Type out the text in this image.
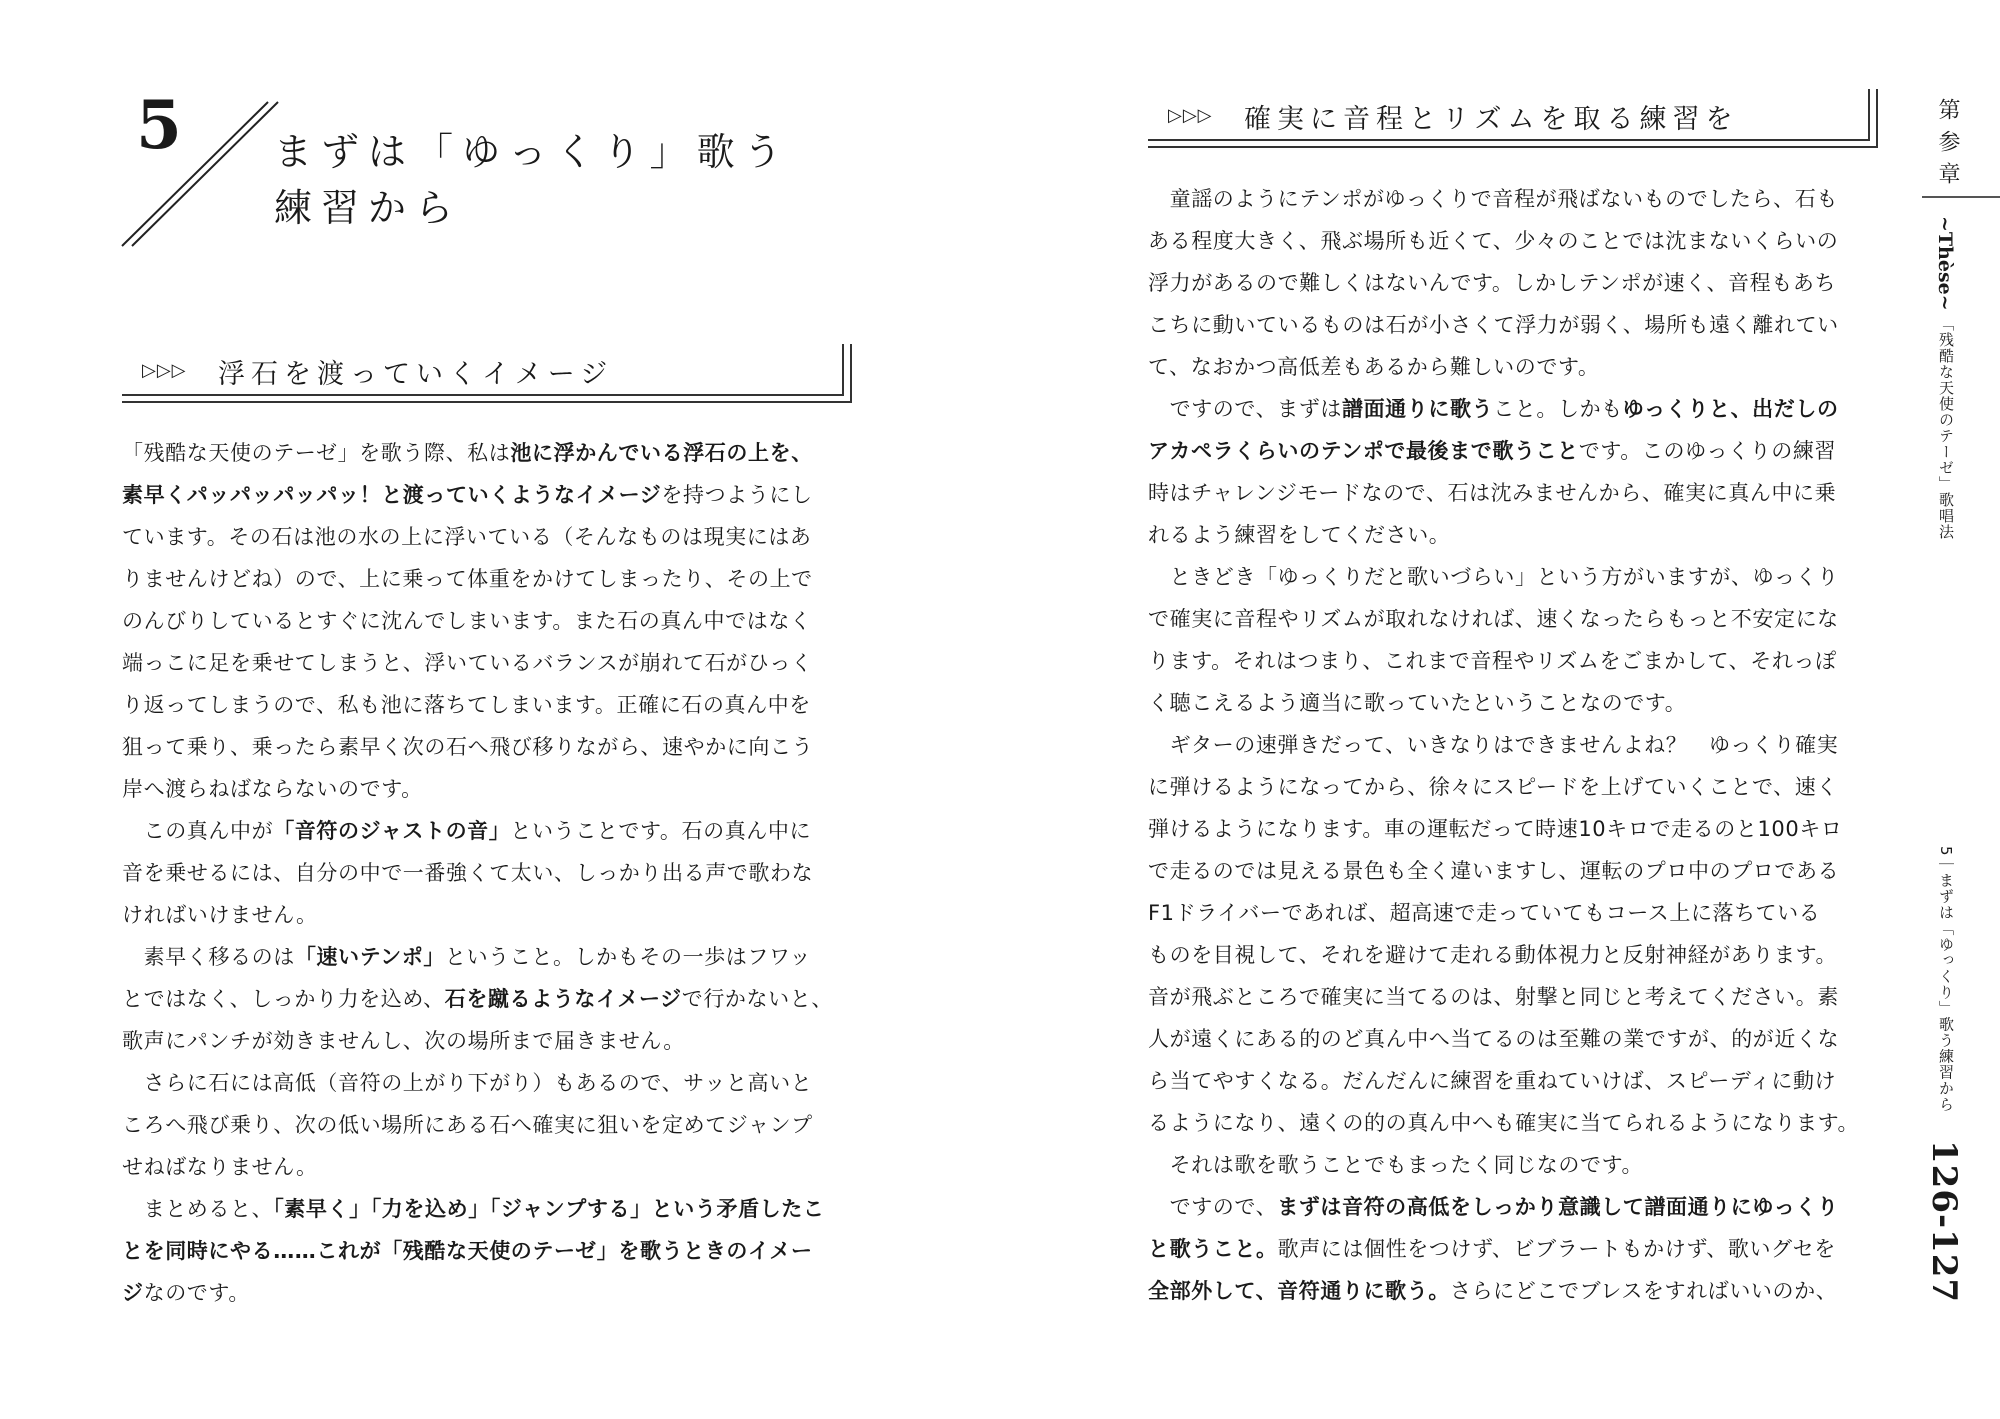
5 まずは「ゆっくり」歌う
練習から
▷▷▷ 浮石を渡っていくイメージ
「残酷な天使のテーゼ」を歌う際、私は池に浮かんでいる浮石の上を、
素早くパッパッパッパッ！と渡っていくようなイメージを持つようにし
ています。その石は池の水の上に浮いている（そんなものは現実にはあ
りませんけどね）ので、上に乗って体重をかけてしまったり、その上で
のんびりしているとすぐに沈んでしまいます。また石の真ん中ではなく
端っこに足を乗せてしまうと、浮いているバランスが崩れて石がひっく
り返ってしまうので、私も池に落ちてしまいます。正確に石の真ん中を
狙って乗り、乗ったら素早く次の石へ飛び移りながら、速やかに向こう
岸へ渡らねばならないのです。
　この真ん中が「音符のジャストの音」ということです。石の真ん中に
音を乗せるには、自分の中で一番強くて太い、しっかり出る声で歌わな
ければいけません。
　素早く移るのは「速いテンポ」ということ。しかもその一歩はフワッ
とではなく、しっかり力を込め、石を蹴るようなイメージで行かないと、
歌声にパンチが効きませんし、次の場所まで届きません。
　さらに石には高低（音符の上がり下がり）もあるので、サッと高いと
ころへ飛び乗り、次の低い場所にある石へ確実に狙いを定めてジャンプ
せねばなりません。
　まとめると、「素早く」「力を込め」「ジャンプする」という矛盾したこ
とを同時にやる……これが「残酷な天使のテーゼ」を歌うときのイメー
ジなのです。
▷▷▷ 確実に音程とリズムを取る練習を
　童謡のようにテンポがゆっくりで音程が飛ばないものでしたら、石も
ある程度大きく、飛ぶ場所も近くて、少々のことでは沈まないくらいの
浮力があるので難しくはないんです。しかしテンポが速く、音程もあち
こちに動いているものは石が小さくて浮力が弱く、場所も遠く離れてい
て、なおかつ高低差もあるから難しいのです。
　ですので、まずは譜面通りに歌うこと。しかもゆっくりと、出だしの
アカペラくらいのテンポで最後まで歌うことです。このゆっくりの練習
時はチャレンジモードなので、石は沈みませんから、確実に真ん中に乗
れるよう練習をしてください。
　ときどき「ゆっくりだと歌いづらい」という方がいますが、ゆっくり
で確実に音程やリズムが取れなければ、速くなったらもっと不安定にな
ります。それはつまり、これまで音程やリズムをごまかして、それっぽ
く聴こえるよう適当に歌っていたということなのです。
　ギターの速弾きだって、いきなりはできませんよね？　ゆっくり確実
に弾けるようになってから、徐々にスピードを上げていくことで、速く
弾けるようになります。車の運転だって時速10キロで走るのと100キロ
で走るのでは見える景色も全く違いますし、運転のプロ中のプロである
F1ドライバーであれば、超高速で走っていてもコース上に落ちている
ものを目視して、それを避けて走れる動体視力と反射神経があります。
音が飛ぶところで確実に当てるのは、射撃と同じと考えてください。素
人が遠くにある的のど真ん中へ当てるのは至難の業ですが、的が近くな
ら当てやすくなる。だんだんに練習を重ねていけば、スピーディに動け
るようになり、遠くの的の真ん中へも確実に当てられるようになります。
　それは歌を歌うことでもまったく同じなのです。
　ですので、まずは音符の高低をしっかり意識して譜面通りにゆっくり
と歌うこと。歌声には個性をつけず、ビブラートもかけず、歌いグセを
全部外して、音符通りに歌う。さらにどこでブレスをすればいいのか、
第参章
~Thèse~
「残酷な天使のテーゼ」歌唱法
5｜まずは「ゆっくり」歌う練習から
126-127
